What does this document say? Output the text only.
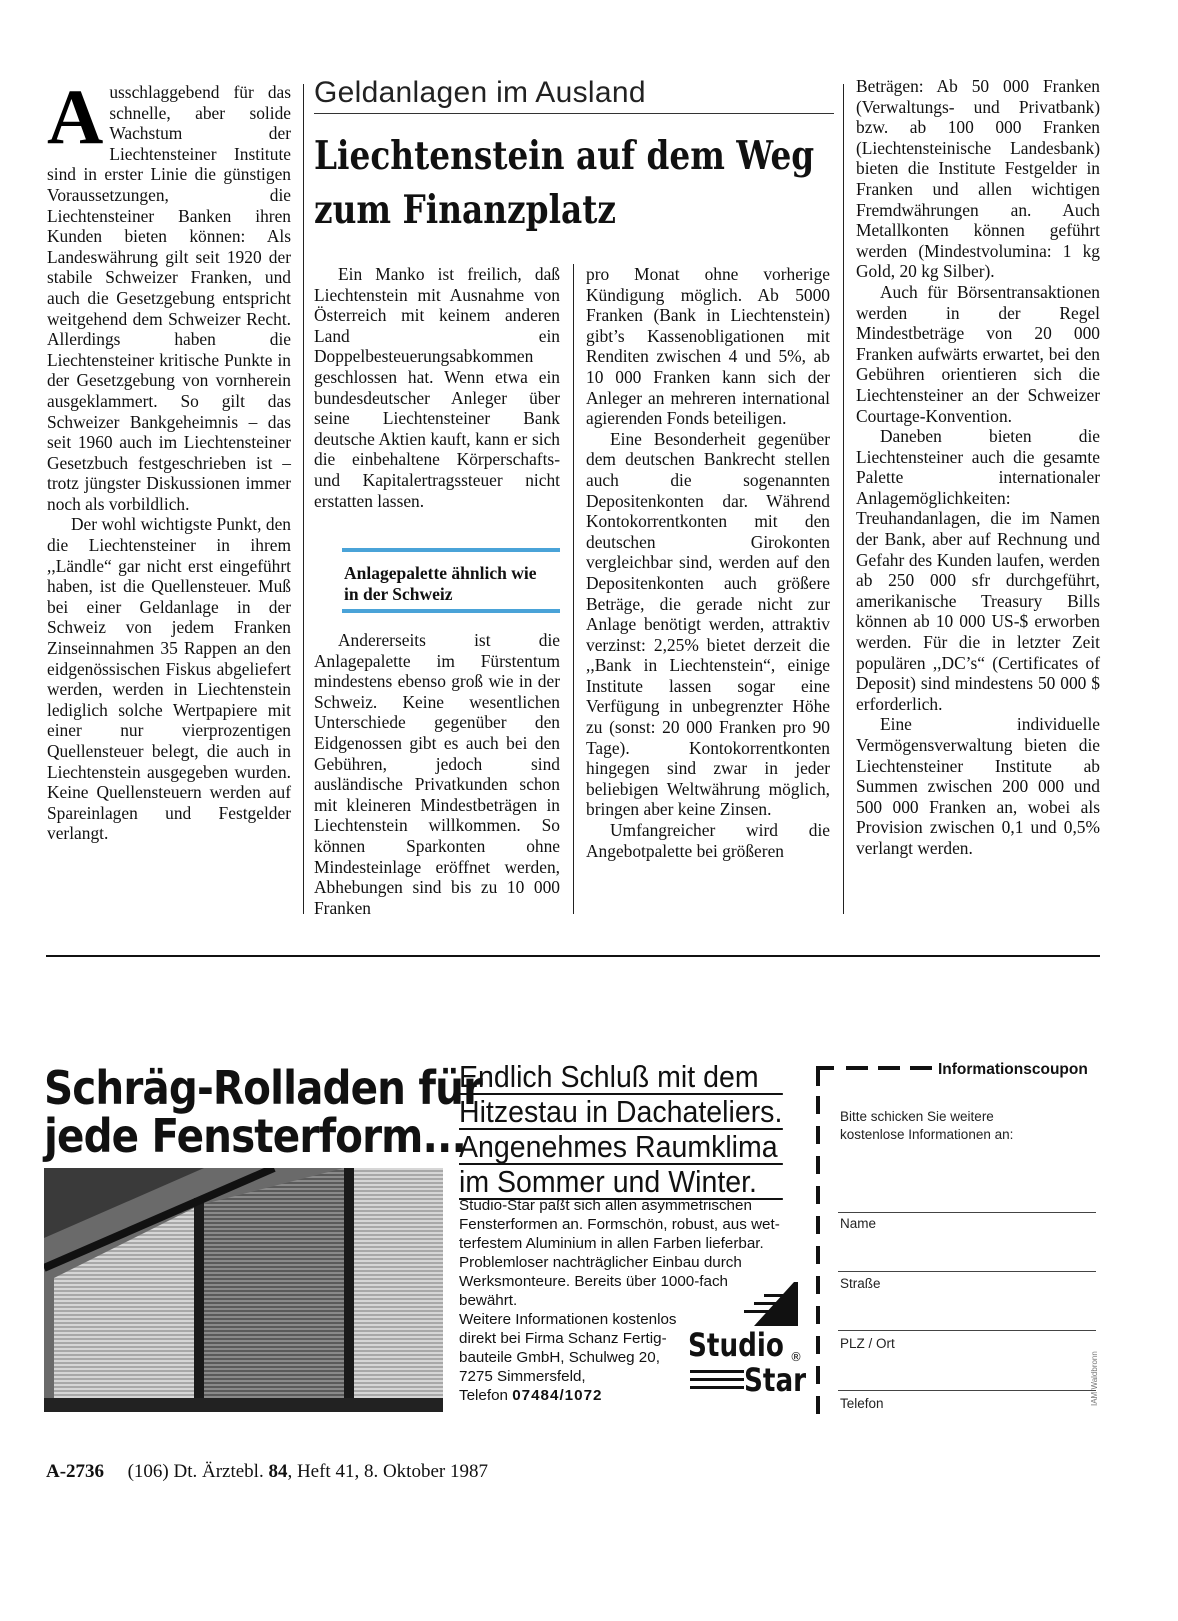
A usschlaggebend für das schnelle, aber solide Wachstum der Liechtensteiner Institute sind in erster Linie die günstigen Voraussetzungen, die Liechtensteiner Banken ihren Kunden bieten können: Als Landeswährung gilt seit 1920 der stabile Schweizer Franken, und auch die Gesetzgebung entspricht weitgehend dem Schweizer Recht. Allerdings haben die Liechtensteiner kritische Punkte in der Gesetzgebung von vornherein ausgeklammert. So gilt das Schweizer Bankgeheimnis – das seit 1960 auch im Liechtensteiner Gesetzbuch festgeschrieben ist – trotz jüngster Diskussionen immer noch als vorbildlich.

Der wohl wichtigste Punkt, den die Liechtensteiner in ihrem ,,Ländle“ gar nicht erst eingeführt haben, ist die Quellensteuer. Muß bei einer Geldanlage in der Schweiz von jedem Franken Zinseinnahmen 35 Rappen an den eidgenössischen Fiskus abgeliefert werden, werden in Liechtenstein lediglich solche Wertpapiere mit einer nur vierprozentigen Quellensteuer belegt, die auch in Liechtenstein ausgegeben wurden. Keine Quellensteuern werden auf Spareinlagen und Festgelder verlangt.

Geldanlagen im Ausland
Liechtenstein auf dem Weg
zum Finanzplatz

Ein Manko ist freilich, daß Liechtenstein mit Ausnahme von Österreich mit keinem anderen Land ein Doppelbesteuerungsabkommen geschlossen hat. Wenn etwa ein bundesdeutscher Anleger über seine Liechtensteiner Bank deutsche Aktien kauft, kann er sich die einbehaltene Körperschafts- und Kapitalertragssteuer nicht erstatten lassen.

Anlagepalette ähnlich wie in der Schweiz

Andererseits ist die Anlagepalette im Fürstentum mindestens ebenso groß wie in der Schweiz. Keine wesentlichen Unterschiede gegenüber den Eidgenossen gibt es auch bei den Gebühren, jedoch sind ausländische Privatkunden schon mit kleineren Mindestbeträgen in Liechtenstein willkommen. So können Sparkonten ohne Mindesteinlage eröffnet werden, Abhebungen sind bis zu 10 000 Franken

pro Monat ohne vorherige Kündigung möglich. Ab 5000 Franken (Bank in Liechtenstein) gibt’s Kassenobligationen mit Renditen zwischen 4 und 5%, ab 10 000 Franken kann sich der Anleger an mehreren international agierenden Fonds beteiligen.

Eine Besonderheit gegenüber dem deutschen Bankrecht stellen auch die sogenannten Depositenkonten dar. Während Kontokorrentkonten mit den deutschen Girokonten vergleichbar sind, werden auf den Depositenkonten auch größere Beträge, die gerade nicht zur Anlage benötigt werden, attraktiv verzinst: 2,25% bietet derzeit die ,,Bank in Liechtenstein“, einige Institute lassen sogar eine Verfügung in unbegrenzter Höhe zu (sonst: 20 000 Franken pro 90 Tage). Kontokorrentkonten hingegen sind zwar in jeder beliebigen Weltwährung möglich, bringen aber keine Zinsen.

Umfangreicher wird die Angebotpalette bei größeren

Beträgen: Ab 50 000 Franken (Verwaltungs- und Privatbank) bzw. ab 100 000 Franken (Liechtensteinische Landesbank) bieten die Institute Festgelder in Franken und allen wichtigen Fremdwährungen an. Auch Metallkonten können geführt werden (Mindestvolumina: 1 kg Gold, 20 kg Silber).

Auch für Börsentransaktionen werden in der Regel Mindestbeträge von 20 000 Franken aufwärts erwartet, bei den Gebühren orientieren sich die Liechtensteiner an der Schweizer Courtage-Konvention.

Daneben bieten die Liechtensteiner auch die gesamte Palette internationaler Anlagemöglichkeiten: Treuhandanlagen, die im Namen der Bank, aber auf Rechnung und Gefahr des Kunden laufen, werden ab 250 000 sfr durchgeführt, amerikanische Treasury Bills können ab 10 000 US-$ erworben werden. Für die in letzter Zeit populären ,,DC’s“ (Certificates of Deposit) sind mindestens 50 000 $ erforderlich.

Eine individuelle Vermögensverwaltung bieten die Liechtensteiner Institute ab Summen zwischen 200 000 und 500 000 Franken an, wobei als Provision zwischen 0,1 und 0,5% verlangt werden.

Schräg-Rolladen für
jede Fensterform...
Endlich Schluß mit dem
Hitzestau in Dachateliers.
Angenehmes Raumklima
im Sommer und Winter.
Studio-Star paßt sich allen asymmetrischen
Fensterformen an. Formschön, robust, aus wet-
terfestem Aluminium in allen Farben lieferbar.
Problemloser nachträglicher Einbau durch
Werksmonteure. Bereits über 1000-fach
bewährt.
Weitere Informationen kostenlos
direkt bei Firma Schanz Fertig-
bauteile GmbH, Schulweg 20,
7275 Simmersfeld,
Telefon 07484/1072
Studio
Star
®
Informationscoupon
Bitte schicken Sie weitere
kostenlose Informationen an:
Name
Straße
PLZ / Ort
Telefon	IAM Waldbronn
A-2736 (106) Dt. Ärztebl. 84, Heft 41, 8. Oktober 1987
